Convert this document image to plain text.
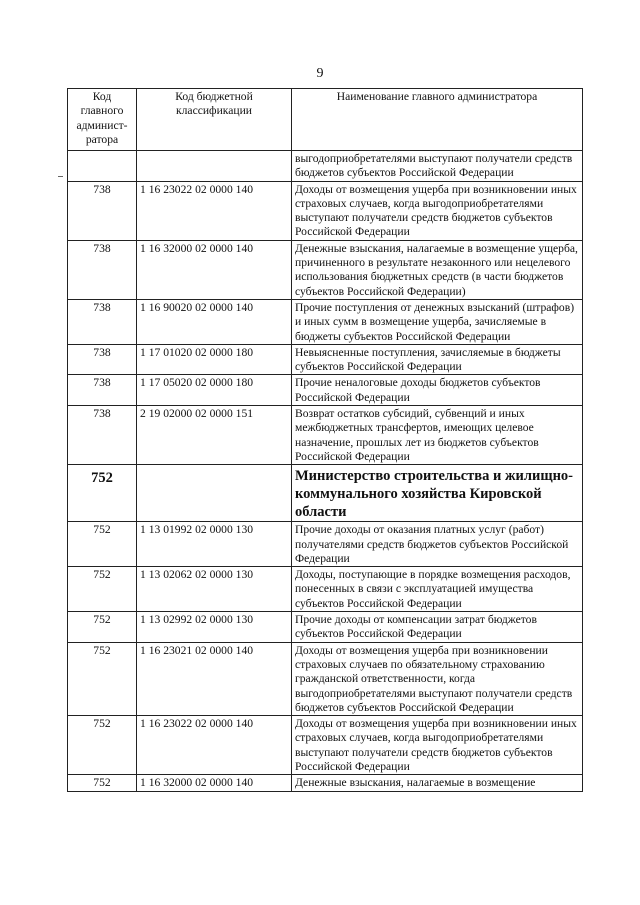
9
Код главного админист-ратора	Код бюджетной классификации	Наименование главного администратора
		выгодоприобретателями выступают получатели средств бюджетов субъектов Российской Федерации
738	1 16 23022 02 0000 140	Доходы от возмещения ущерба при возникновении иных страховых случаев, когда выгодоприобретателями выступают получатели средств бюджетов субъектов Российской Федерации
738	1 16 32000 02 0000 140	Денежные взыскания, налагаемые в возмещение ущерба, причиненного в результате незаконного или нецелевого использования бюджетных средств (в части бюджетов субъектов Российской Федерации)
738	1 16 90020 02 0000 140	Прочие поступления от денежных взысканий (штрафов) и иных сумм в возмещение ущерба, зачисляемые в бюджеты субъектов Российской Федерации
738	1 17 01020 02 0000 180	Невыясненные поступления, зачисляемые в бюджеты субъектов Российской Федерации
738	1 17 05020 02 0000 180	Прочие неналоговые доходы бюджетов субъектов Российской Федерации
738	2 19 02000 02 0000 151	Возврат остатков субсидий, субвенций и иных межбюджетных трансфертов, имеющих целевое назначение, прошлых лет из бюджетов субъектов Российской Федерации
752		Министерство строительства и жилищно-коммунального хозяйства Кировской области
752	1 13 01992 02 0000 130	Прочие доходы от оказания платных услуг (работ) получателями средств бюджетов субъектов Российской Федерации
752	1 13 02062 02 0000 130	Доходы, поступающие в порядке возмещения расходов, понесенных в связи с эксплуатацией имущества субъектов Российской Федерации
752	1 13 02992 02 0000 130	Прочие доходы от компенсации затрат бюджетов субъектов Российской Федерации
752	1 16 23021 02 0000 140	Доходы от возмещения ущерба при возникновении страховых случаев по обязательному страхованию гражданской ответственности, когда выгодоприобретателями выступают получатели средств бюджетов субъектов Российской Федерации
752	1 16 23022 02 0000 140	Доходы от возмещения ущерба при возникновении иных страховых случаев, когда выгодоприобретателями выступают получатели средств бюджетов субъектов Российской Федерации
752	1 16 32000 02 0000 140	Денежные взыскания, налагаемые в возмещение
